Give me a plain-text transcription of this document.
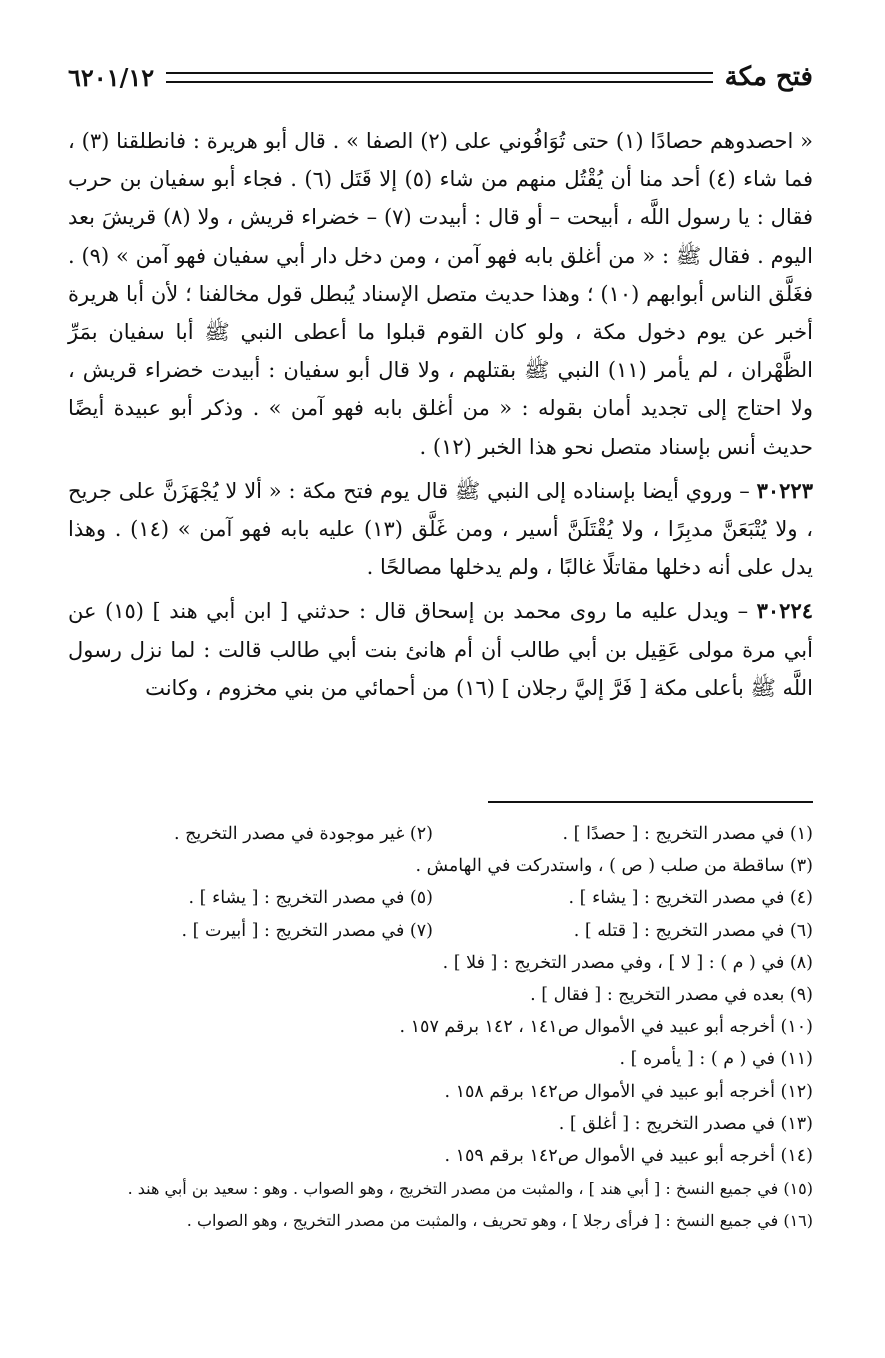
فتح مكة
٦٢٠١/١٢

« احصدوهم حصادًا (١) حتى تُوَافُوني على (٢) الصفا » . قال أبو هريرة : فانطلقنا (٣) ، فما شاء (٤) أحد منا أن يُقْتُل منهم من شاء (٥) إلا قَتَل (٦) . فجاء أبو سفيان بن حرب فقال : يا رسول اللَّه ، أبيحت – أو قال : أبيدت (٧) – خضراء قريش ، ولا (٨) قريشَ بعد اليوم . فقال ﷺ : « من أغلق بابه فهو آمن ، ومن دخل دار أبي سفيان فهو آمن » (٩) . فغَلَّق الناس أبوابهم (١٠) ؛ وهذا حديث متصل الإسناد يُبطل قول مخالفنا ؛ لأن أبا هريرة أخبر عن يوم دخول مكة ، ولو كان القوم قبلوا ما أعطى النبي ﷺ أبا سفيان بمَرِّ الظَّهْران ، لم يأمر (١١) النبي ﷺ بقتلهم ، ولا قال أبو سفيان : أبيدت خضراء قريش ، ولا احتاج إلى تجديد أمان بقوله : « من أغلق بابه فهو آمن » . وذكر أبو عبيدة أيضًا حديث أنس بإسناد متصل نحو هذا الخبر (١٢) .

٣٠٢٢٣ – وروي أيضا بإسناده إلى النبي ﷺ قال يوم فتح مكة : « ألا لا يُجْهَزَنَّ على جريح ، ولا يُتْبَعَنَّ مدبِرًا ، ولا يُقْتَلَنَّ أسير ، ومن غَلَّق (١٣) عليه بابه فهو آمن » (١٤) . وهذا يدل على أنه دخلها مقاتلًا غالبًا ، ولم يدخلها مصالحًا .

٣٠٢٢٤ – ويدل عليه ما روى محمد بن إسحاق قال : حدثني [ ابن أبي هند ] (١٥) عن أبي مرة مولى عَقِيل بن أبي طالب أن أم هانئ بنت أبي طالب قالت : لما نزل رسول اللَّه ﷺ بأعلى مكة [ فَرَّ إليَّ رجلان ] (١٦) من أحمائي من بني مخزوم ، وكانت

(١) في مصدر التخريج : [ حصدًا ] .
(٢) غير موجودة في مصدر التخريج .
(٣) ساقطة من صلب ( ص ) ، واستدركت في الهامش .
(٤) في مصدر التخريج : [ يشاء ] .
(٥) في مصدر التخريج : [ يشاء ] .
(٦) في مصدر التخريج : [ قتله ] .
(٧) في مصدر التخريج : [ أبيرت ] .
(٨) في ( م ) : [ لا ] ، وفي مصدر التخريج : [ فلا ] .
(٩) بعده في مصدر التخريج : [ فقال ] .
(١٠) أخرجه أبو عبيد في الأموال ص١٤١ ، ١٤٢ برقم ١٥٧ .
(١١) في ( م ) : [ يأمره ] .
(١٢) أخرجه أبو عبيد في الأموال ص١٤٢ برقم ١٥٨ .
(١٣) في مصدر التخريج : [ أغلق ] .
(١٤) أخرجه أبو عبيد في الأموال ص١٤٢ برقم ١٥٩ .
(١٥) في جميع النسخ : [ أبي هند ] ، والمثبت من مصدر التخريج ، وهو الصواب . وهو : سعيد بن أبي هند .
(١٦) في جميع النسخ : [ فرأى رجلا ] ، وهو تحريف ، والمثبت من مصدر التخريج ، وهو الصواب .
